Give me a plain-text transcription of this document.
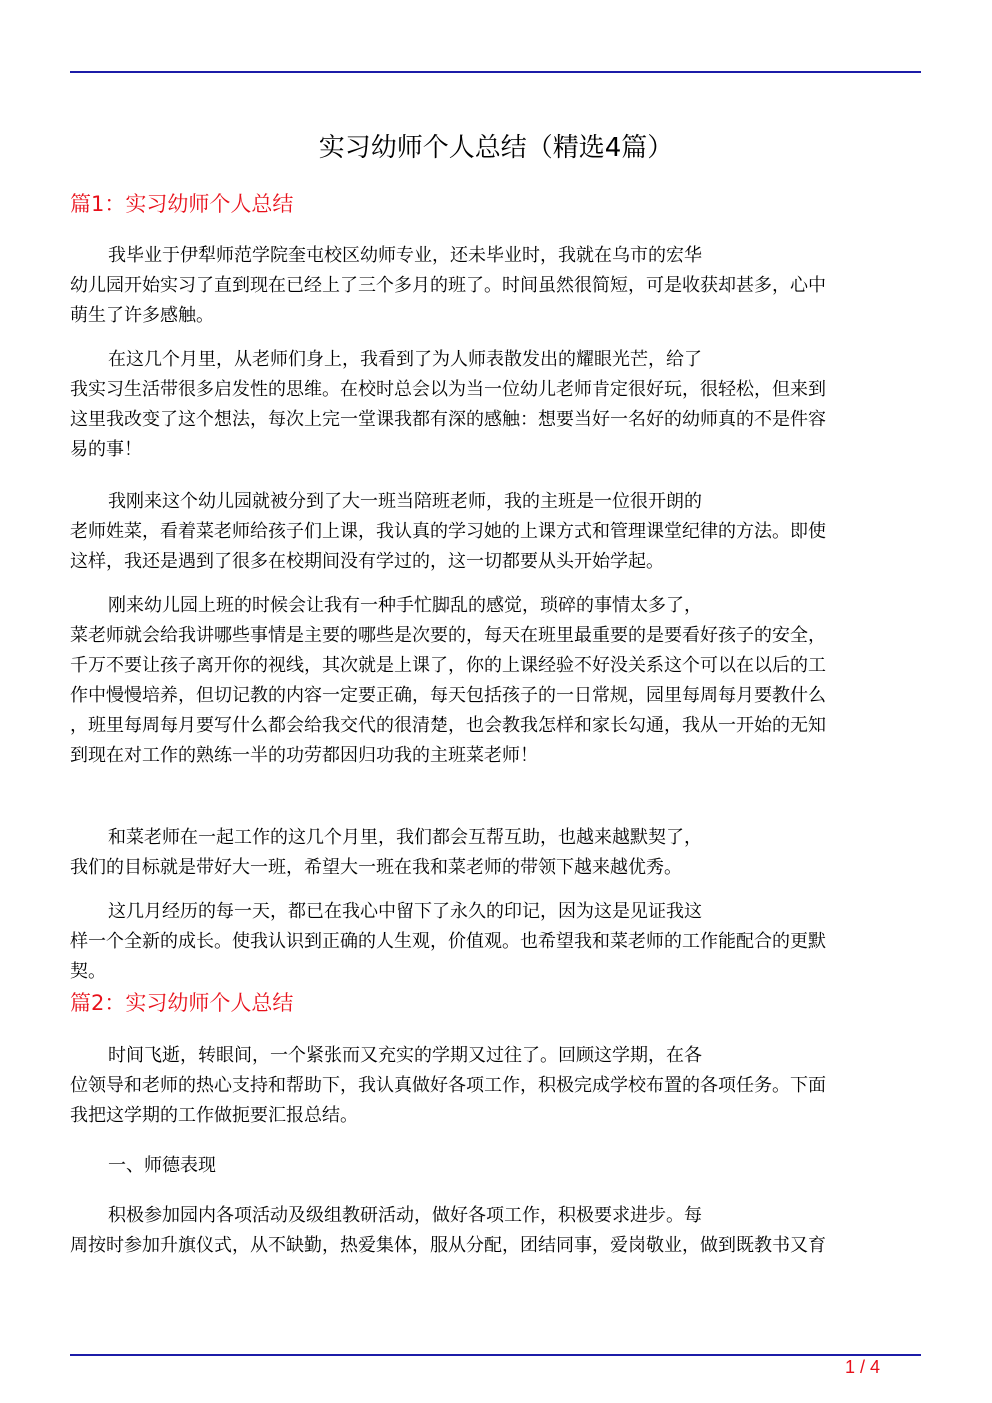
实习幼师个人总结（精选4篇）
篇1：实习幼师个人总结
我毕业于伊犁师范学院奎屯校区幼师专业，还未毕业时，我就在乌市的宏华
幼儿园开始实习了直到现在已经上了三个多月的班了。时间虽然很简短，可是收获却甚多，心中
萌生了许多感触。
在这几个月里，从老师们身上，我看到了为人师表散发出的耀眼光芒，给了
我实习生活带很多启发性的思维。在校时总会以为当一位幼儿老师肯定很好玩，很轻松，但来到
这里我改变了这个想法，每次上完一堂课我都有深的感触：想要当好一名好的幼师真的不是件容
易的事！
我刚来这个幼儿园就被分到了大一班当陪班老师，我的主班是一位很开朗的
老师姓菜，看着菜老师给孩子们上课，我认真的学习她的上课方式和管理课堂纪律的方法。即使
这样，我还是遇到了很多在校期间没有学过的，这一切都要从头开始学起。
刚来幼儿园上班的时候会让我有一种手忙脚乱的感觉，琐碎的事情太多了，
菜老师就会给我讲哪些事情是主要的哪些是次要的，每天在班里最重要的是要看好孩子的安全，
千万不要让孩子离开你的视线，其次就是上课了，你的上课经验不好没关系这个可以在以后的工
作中慢慢培养，但切记教的内容一定要正确，每天包括孩子的一日常规，园里每周每月要教什么
，班里每周每月要写什么都会给我交代的很清楚，也会教我怎样和家长勾通，我从一开始的无知
到现在对工作的熟练一半的功劳都因归功我的主班菜老师！
和菜老师在一起工作的这几个月里，我们都会互帮互助，也越来越默契了，
我们的目标就是带好大一班，希望大一班在我和菜老师的带领下越来越优秀。
这几月经历的每一天，都已在我心中留下了永久的印记，因为这是见证我这
样一个全新的成长。使我认识到正确的人生观，价值观。也希望我和菜老师的工作能配合的更默
契。
篇2：实习幼师个人总结
时间飞逝，转眼间，一个紧张而又充实的学期又过往了。回顾这学期，在各
位领导和老师的热心支持和帮助下，我认真做好各项工作，积极完成学校布置的各项任务。下面
我把这学期的工作做扼要汇报总结。
一、师德表现
积极参加园内各项活动及级组教研活动，做好各项工作，积极要求进步。每
周按时参加升旗仪式，从不缺勤，热爱集体，服从分配，团结同事，爱岗敬业，做到既教书又育
1 / 4
